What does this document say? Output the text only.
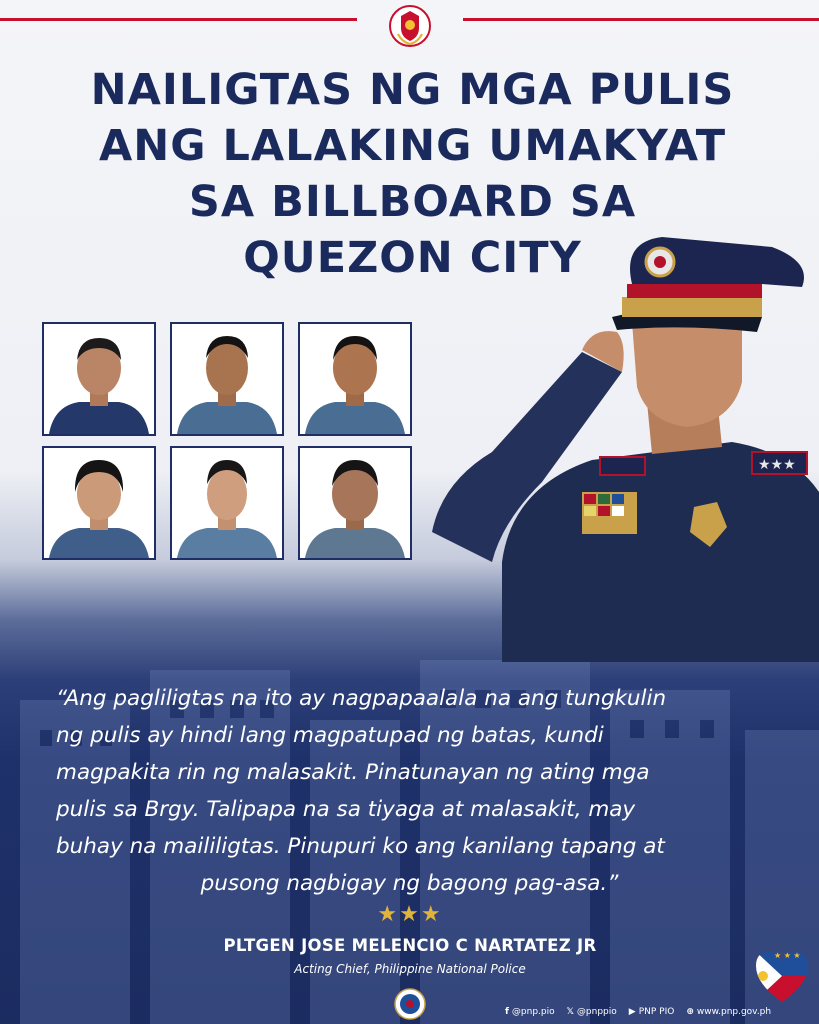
NAILIGTAS NG MGA PULIS
ANG LALAKING UMAKYAT
SA BILLBOARD SA
QUEZON CITY
★★★
“Ang pagliligtas na ito ay nagpapaalala na ang tungkulin
ng pulis ay hindi lang magpatupad ng batas, kundi
magpakita rin ng malasakit. Pinatunayan ng ating mga
pulis sa Brgy. Talipapa na sa tiyaga at malasakit, may
buhay na maililigtas. Pinupuri ko ang kanilang tapang at
pusong nagbigay ng bagong pag-asa.”
★★★
PLTGEN JOSE MELENCIO C NARTATEZ JR
Acting Chief, Philippine National Police
f @pnp.pio 𝕏 @pnppio ▶ PNP PIO ⊕ www.pnp.gov.ph
★ ★ ★
